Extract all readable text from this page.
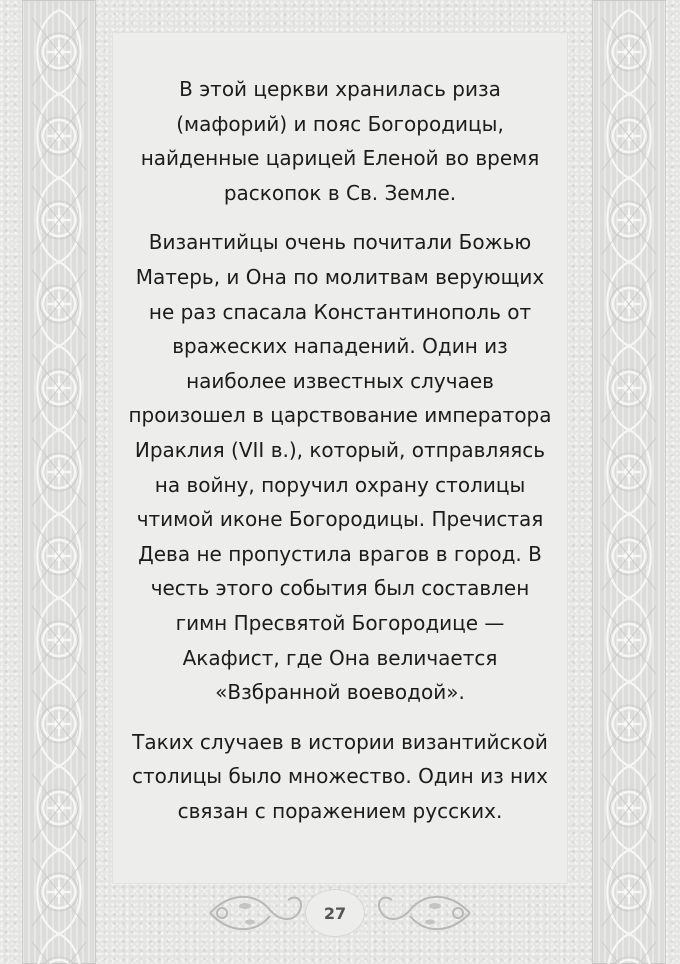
В этой церкви хранилась риза
(мафорий) и пояс Богородицы,
найденные царицей Еленой во время
раскопок в Св. Земле.

Византийцы очень почитали Божью
Матерь, и Она по молитвам верующих
не раз спасала Константинополь от
вражеских нападений. Один из
наиболее известных случаев
произошел в царствование императора
Ираклия (VII в.), который, отправляясь
на войну, поручил охрану столицы
чтимой иконе Богородицы. Пречистая
Дева не пропустила врагов в город. В
честь этого события был составлен
гимн Пресвятой Богородице —
Акафист, где Она величается
«Взбранной воеводой».

Таких случаев в истории византийской
столицы было множество. Один из них
связан с поражением русских.

27
